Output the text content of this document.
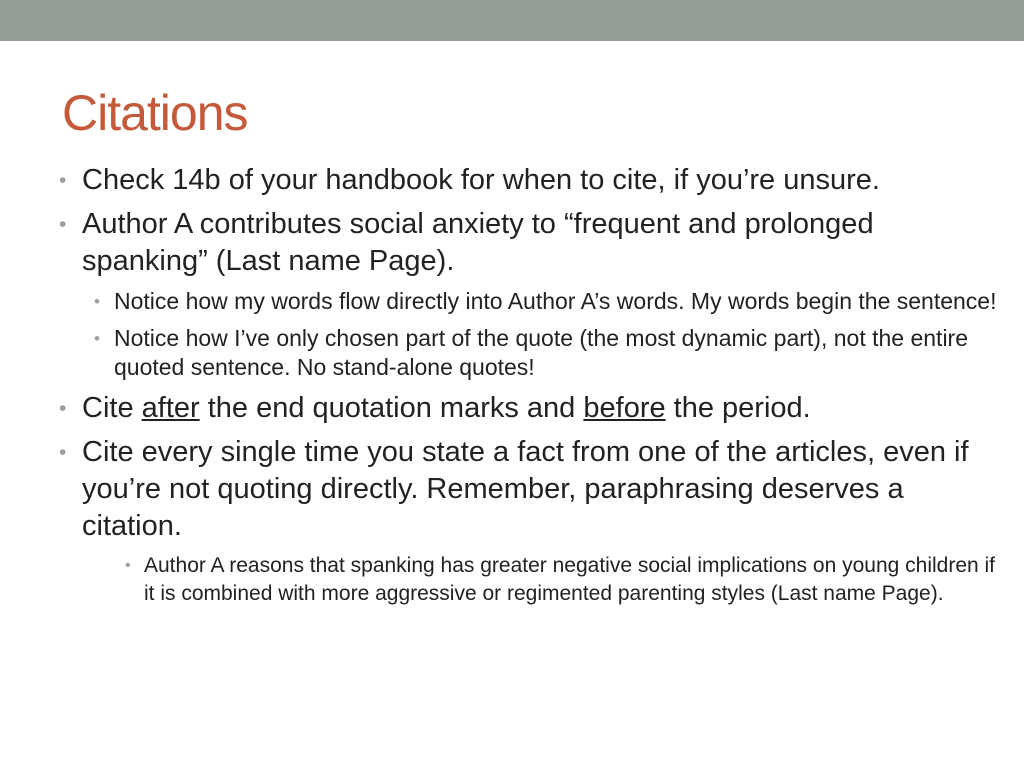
Citations

• Check 14b of your handbook for when to cite, if you’re unsure.

• Author A contributes social anxiety to “frequent and prolonged spanking” (Last name Page).

• Notice how my words flow directly into Author A’s words. My words begin the sentence!

• Notice how I’ve only chosen part of the quote (the most dynamic part), not the entire quoted sentence. No stand-alone quotes!

• Cite after the end quotation marks and before the period.

• Cite every single time you state a fact from one of the articles, even if you’re not quoting directly. Remember, paraphrasing deserves a citation.

• Author A reasons that spanking has greater negative social implications on young children if it is combined with more aggressive or regimented parenting styles (Last name Page).
